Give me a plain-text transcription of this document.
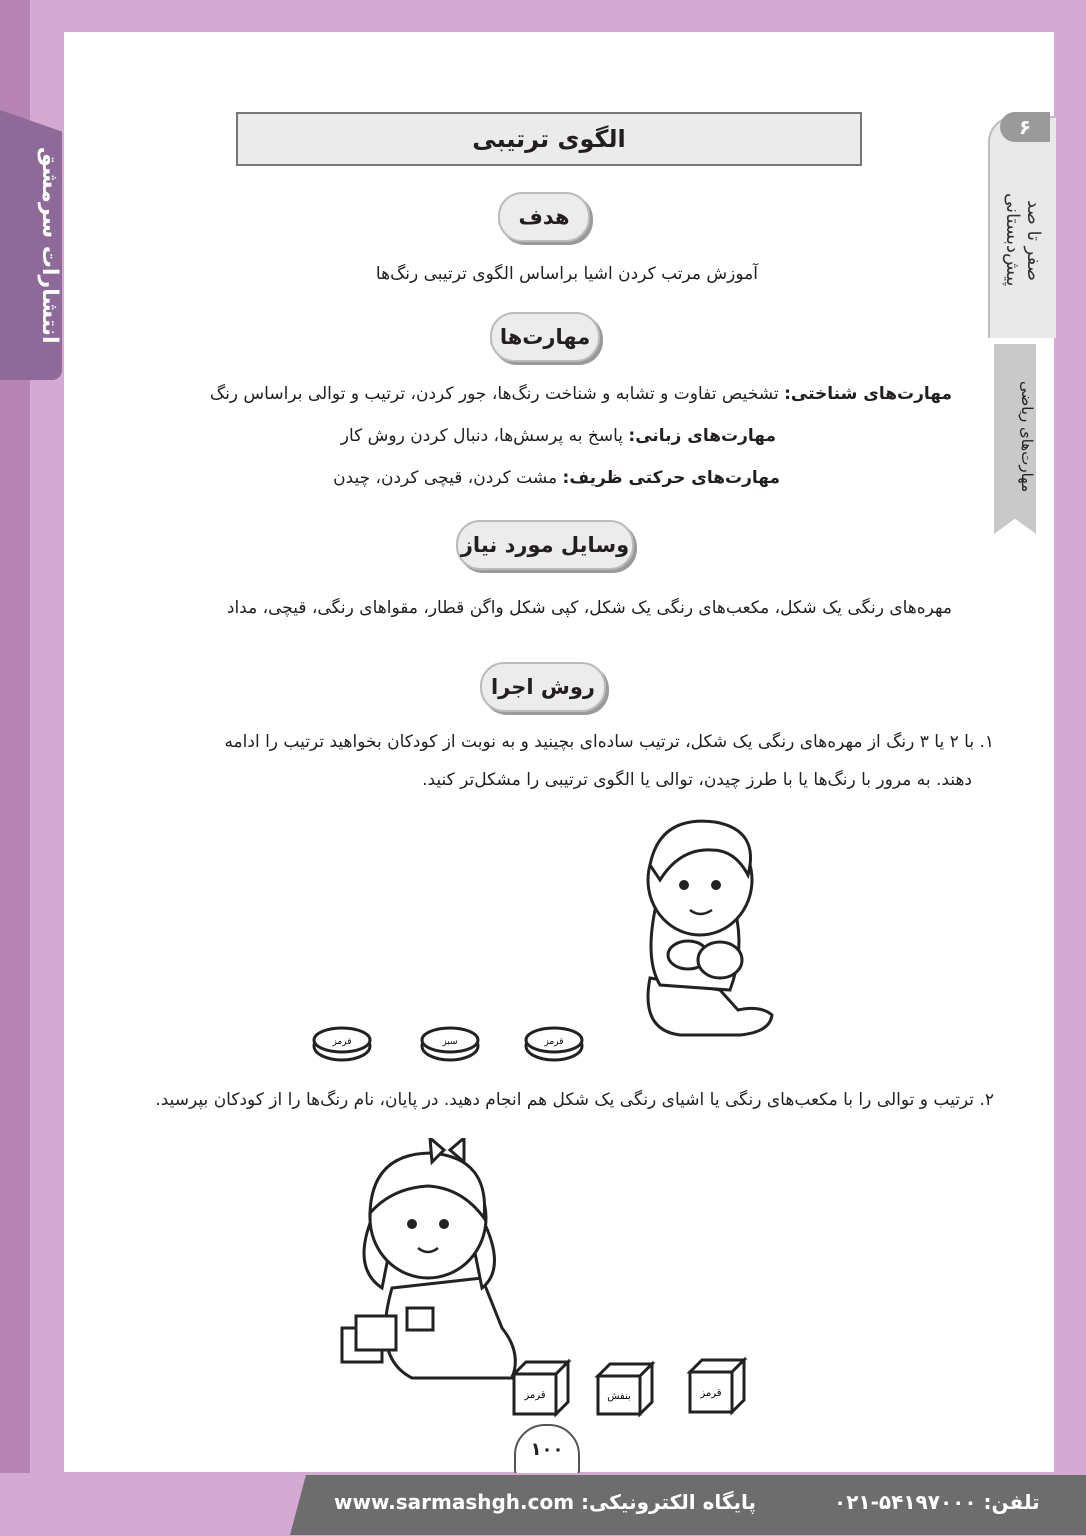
انتشارات سرمشق
۶
صفر تا صد پیش‌دبستانی
مهارت‌های ریاضی
الگوی ترتیبی
هدف
آموزش مرتب کردن اشیا براساس الگوی ترتیبی رنگ‌ها
مهارت‌ها
مهارت‌های شناختی: تشخیص تفاوت و تشابه و شناخت رنگ‌ها، جور کردن، ترتیب و توالی براساس رنگ
مهارت‌های زبانی: پاسخ به پرسش‌ها، دنبال کردن روش کار
مهارت‌های حرکتی ظریف: مشت کردن، قیچی کردن، چیدن
وسایل مورد نیاز
مهره‌های رنگی یک شکل، مکعب‌های رنگی یک شکل، کپی شکل واگن قطار، مقواهای رنگی، قیچی، مداد
روش اجرا
۱. با ۲ یا ۳ رنگ از مهره‌های رنگی یک شکل، ترتیب ساده‌ای بچینید و به نوبت از کودکان بخواهید ترتیب را ادامه
دهند. به مرور با رنگ‌ها یا با طرز چیدن، توالی یا الگوی ترتیبی را مشکل‌تر کنید.
قرمز	سبز	قرمز
۲. ترتیب و توالی را با مکعب‌های رنگی یا اشیای رنگی یک شکل هم انجام دهید. در پایان، نام رنگ‌ها را از کودکان بپرسید.
قرمز	بنفش	قرمز
۱۰۰
پایگاه الکترونیکی: www.sarmashgh.com	تلفن: ۰۲۱-۵۴۱۹۷۰۰۰
